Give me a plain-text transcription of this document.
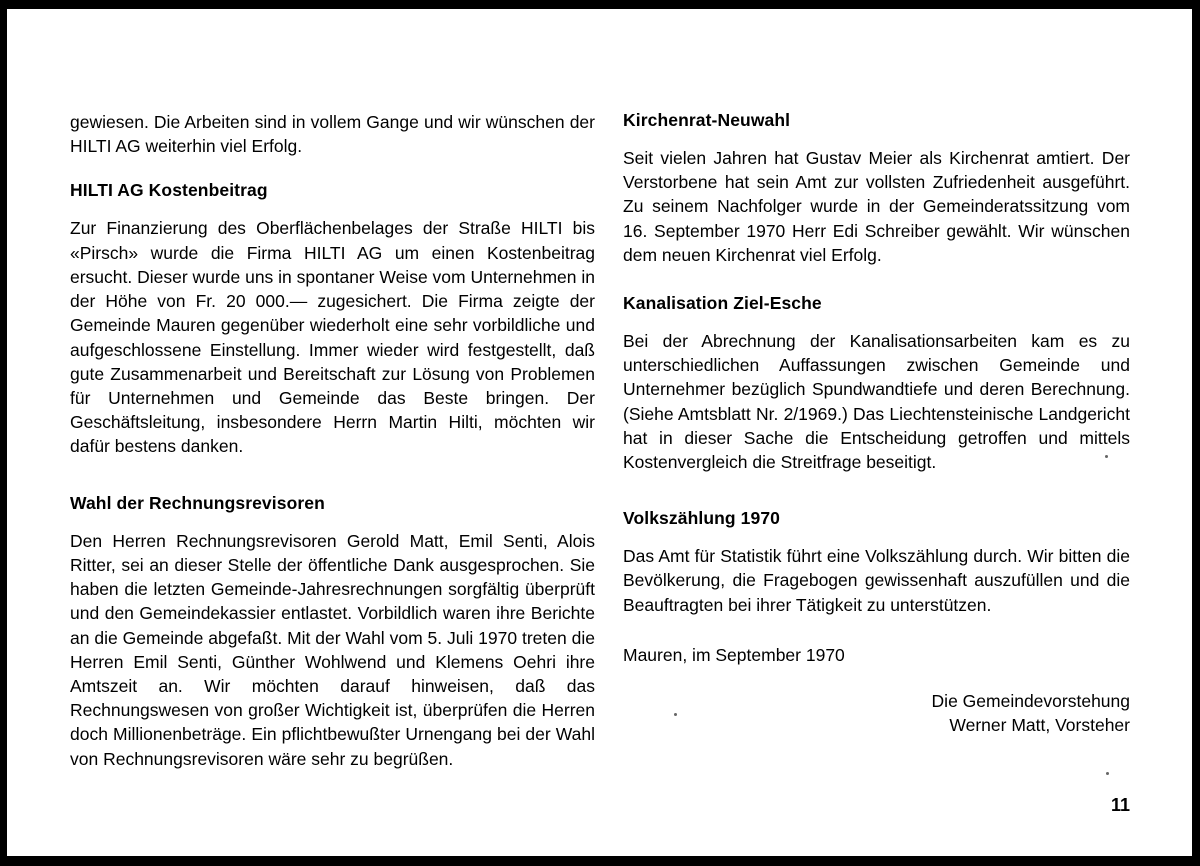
gewiesen. Die Arbeiten sind in vollem Gange und wir wünschen der HILTI AG weiterhin viel Erfolg.

HILTI AG Kostenbeitrag

Zur Finanzierung des Oberflächenbelages der Straße HILTI bis «Pirsch» wurde die Firma HILTI AG um einen Kostenbeitrag ersucht. Dieser wurde uns in spontaner Weise vom Unternehmen in der Höhe von Fr. 20 000.— zugesichert. Die Firma zeigte der Gemeinde Mauren gegenüber wiederholt eine sehr vorbildliche und aufgeschlossene Einstellung. Immer wieder wird festgestellt, daß gute Zusammenarbeit und Bereitschaft zur Lösung von Problemen für Unternehmen und Gemeinde das Beste bringen. Der Geschäftsleitung, insbesondere Herrn Martin Hilti, möchten wir dafür bestens danken.

Wahl der Rechnungsrevisoren

Den Herren Rechnungsrevisoren Gerold Matt, Emil Senti, Alois Ritter, sei an dieser Stelle der öffentliche Dank ausgesprochen. Sie haben die letzten Gemeinde-Jahresrechnungen sorgfältig überprüft und den Gemeindekassier entlastet. Vorbildlich waren ihre Berichte an die Gemeinde abgefaßt. Mit der Wahl vom 5. Juli 1970 treten die Herren Emil Senti, Günther Wohlwend und Klemens Oehri ihre Amtszeit an. Wir möchten darauf hinweisen, daß das Rechnungswesen von großer Wichtigkeit ist, überprüfen die Herren doch Millionenbeträge. Ein pflichtbewußter Urnengang bei der Wahl von Rechnungsrevisoren wäre sehr zu begrüßen.

Kirchenrat-Neuwahl

Seit vielen Jahren hat Gustav Meier als Kirchenrat amtiert. Der Verstorbene hat sein Amt zur vollsten Zufriedenheit ausgeführt. Zu seinem Nachfolger wurde in der Gemeinderatssitzung vom 16. September 1970 Herr Edi Schreiber gewählt. Wir wünschen dem neuen Kirchenrat viel Erfolg.

Kanalisation Ziel-Esche

Bei der Abrechnung der Kanalisationsarbeiten kam es zu unterschiedlichen Auffassungen zwischen Gemeinde und Unternehmer bezüglich Spundwandtiefe und deren Berechnung. (Siehe Amtsblatt Nr. 2/1969.) Das Liechtensteinische Landgericht hat in dieser Sache die Entscheidung getroffen und mittels Kostenvergleich die Streitfrage beseitigt.

Volkszählung 1970

Das Amt für Statistik führt eine Volkszählung durch. Wir bitten die Bevölkerung, die Fragebogen gewissenhaft auszufüllen und die Beauftragten bei ihrer Tätigkeit zu unterstützen.

Mauren, im September 1970
Die Gemeindevorstehung
Werner Matt, Vorsteher
11
